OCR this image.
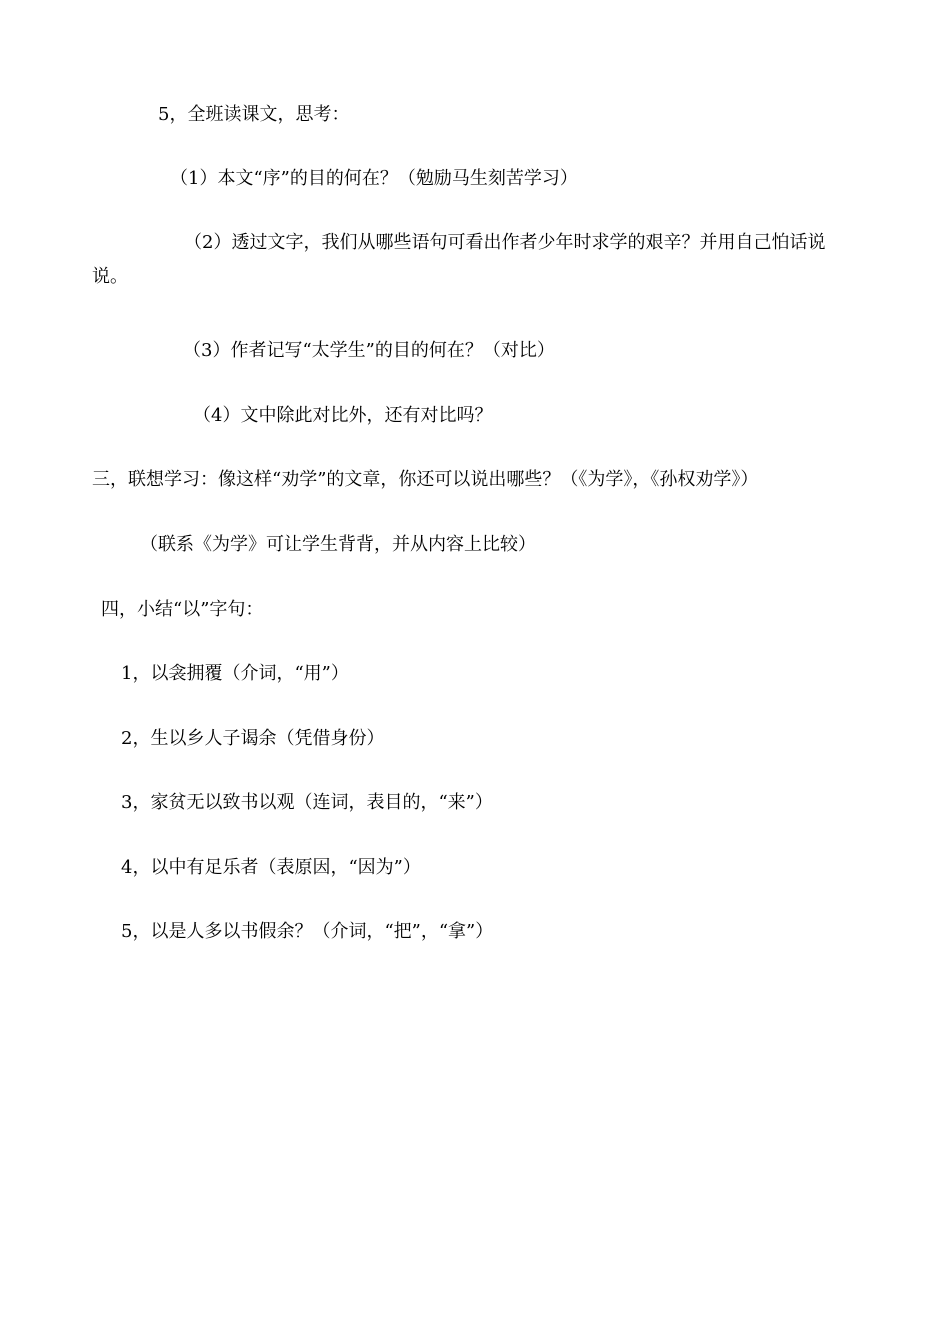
5，全班读课文，思考：

（1）本文“序”的目的何在？（勉励马生刻苦学习）

（2）透过文字，我们从哪些语句可看出作者少年时求学的艰辛？并用自己怕话说说。

（3）作者记写“太学生”的目的何在？（对比）

（4）文中除此对比外，还有对比吗？

三，联想学习：像这样“劝学”的文章，你还可以说出哪些？（《为学》，《孙权劝学》）

（联系《为学》可让学生背背，并从内容上比较）

四，小结“以”字句：

1，以衾拥覆（介词，“用”）

2，生以乡人子谒余（凭借身份）

3，家贫无以致书以观（连词，表目的，“来”）

4，以中有足乐者（表原因，“因为”）

5，以是人多以书假余？（介词，“把”，“拿”）
